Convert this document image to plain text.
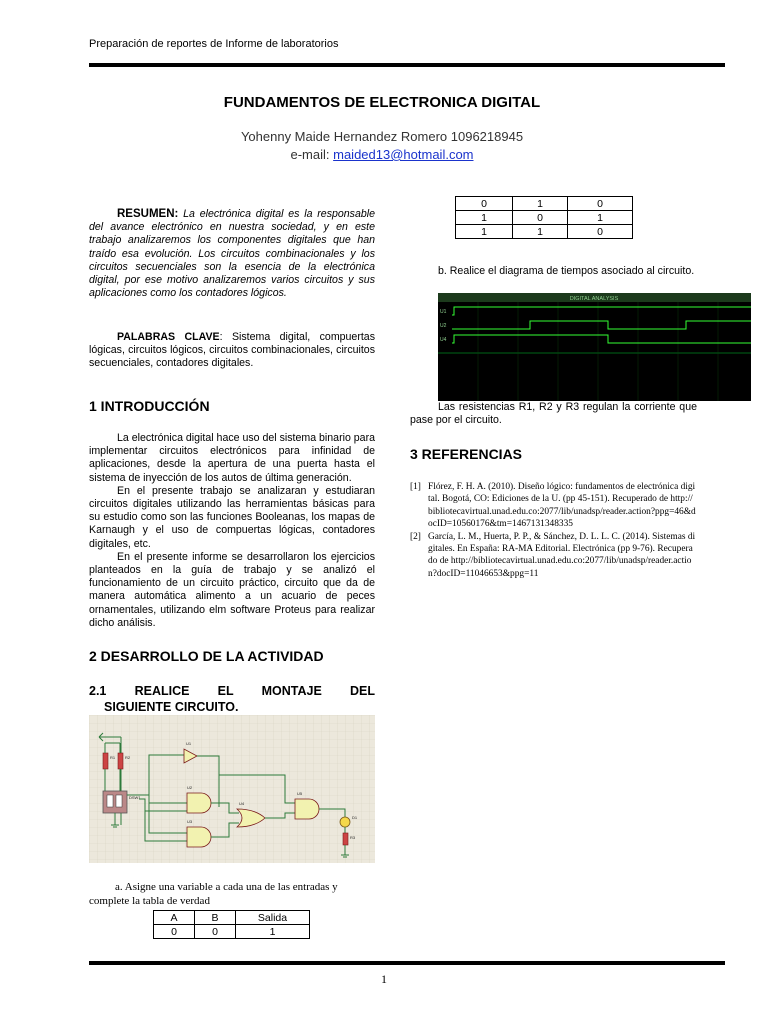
Preparación de reportes de Informe de laboratorios
FUNDAMENTOS DE ELECTRONICA DIGITAL
Yohenny Maide Hernandez Romero 1096218945
e-mail: maided13@hotmail.com

RESUMEN: La electrónica digital es la responsable del avance electrónico en nuestra sociedad, y en este trabajo analizaremos los componentes digitales que han traído esa evolución. Los circuitos combinacionales y los circuitos secuenciales son la esencia de la electrónica digital, por ese motivo analizaremos varios circuitos y sus aplicaciones como los contadores lógicos.

PALABRAS CLAVE: Sistema digital, compuertas lógicas, circuitos lógicos, circuitos combinacionales, circuitos secuenciales, contadores digitales.

1 INTRODUCCIÓN

La electrónica digital hace uso del sistema binario para implementar circuitos electrónicos para infinidad de aplicaciones, desde la apertura de una puerta hasta el sistema de inyección de los autos de última generación.

En el presente trabajo se analizaran y estudiaran circuitos digitales utilizando las herramientas básicas para su estudio como son las funciones Booleanas, los mapas de Karnaugh y el uso de compuertas lógicas, contadores digitales, etc.

En el presente informe se desarrollaron los ejercicios planteados en la guía de trabajo y se analizó el funcionamiento de un circuito práctico, circuito que da de manera automática alimento a un acuario de peces ornamentales, utilizando elm software Proteus para realizar dicho análisis.

2 DESARROLLO DE LA ACTIVIDAD
2.1 REALICE EL MONTAJE DEL
SIGUIENTE CIRCUITO.
R1 R2
DSW1
U1
U2
U3
U4
U5
D1
R3
a. Asigne una variable a cada una de las entradas y complete la tabla de verdad
A	B	Salida
0	0	1
0	1	0
1	0	1
1	1	0

b. Realice el diagrama de tiempos asociado al circuito.

DIGITAL ANALYSIS
U1
U2
U4

Las resistencias R1, R2 y R3 regulan la corriente que pase por el circuito.

3 REFERENCIAS
[1] Flórez, F. H. A. (2010). Diseño lógico: fundamentos de electrónica digital. Bogotá, CO: Ediciones de la U. (pp 45-151). Recuperado de http://bibliotecavirtual.unad.edu.co:2077/lib/unadsp/reader.action?ppg=46&docID=10560176&tm=1467131348335
[2] García, L. M., Huerta, P. P., & Sánchez, D. L. L. C. (2014). Sistemas digitales. En España: RA-MA Editorial. Electrónica (pp 9-76). Recuperado de http://bibliotecavirtual.unad.edu.co:2077/lib/unadsp/reader.action?docID=11046653&ppg=11
1
